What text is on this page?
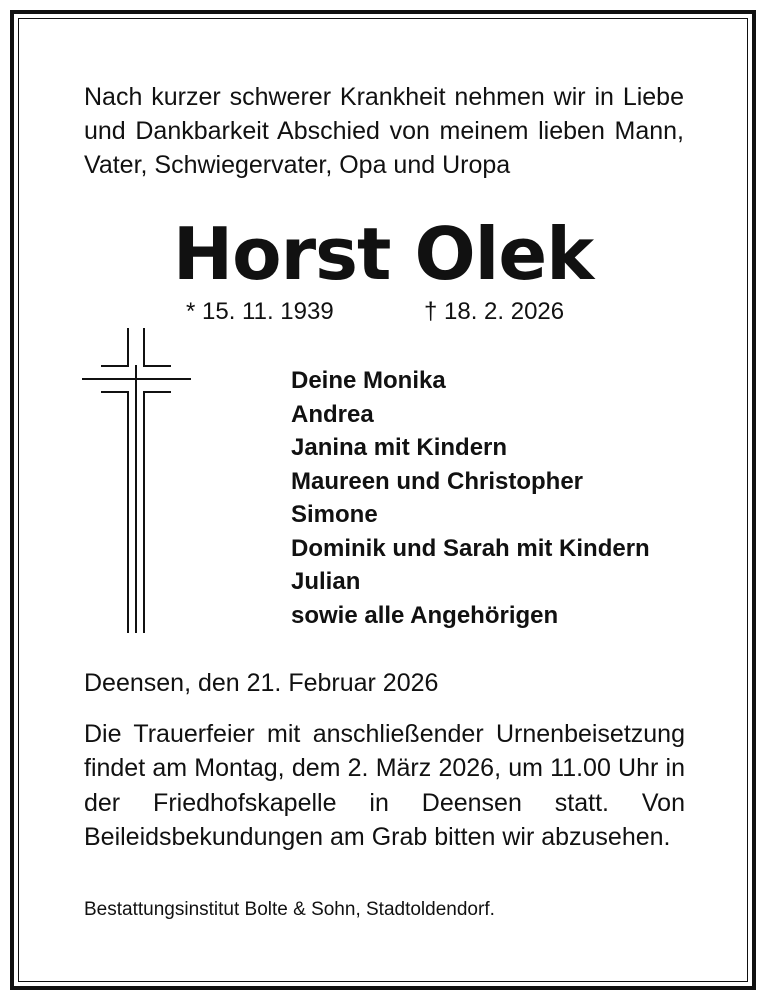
Nach kurzer schwerer Krankheit nehmen wir in Liebe und Dankbarkeit Abschied von meinem lieben Mann, Vater, Schwiegervater, Opa und Uropa

Horst Olek
* 15. 11. 1939	† 18. 2. 2026
Deine Monika
Andrea
Janina mit Kindern
Maureen und Christopher
Simone
Dominik und Sarah mit Kindern
Julian
sowie alle Angehörigen

Deensen, den 21. Februar 2026

Die Trauerfeier mit anschließender Urnenbeisetzung findet am Montag, dem 2. März 2026, um 11.00 Uhr in der Friedhofskapelle in Deensen statt. Von Beileidsbekundungen am Grab bitten wir abzusehen.

Bestattungsinstitut Bolte & Sohn, Stadtoldendorf.
